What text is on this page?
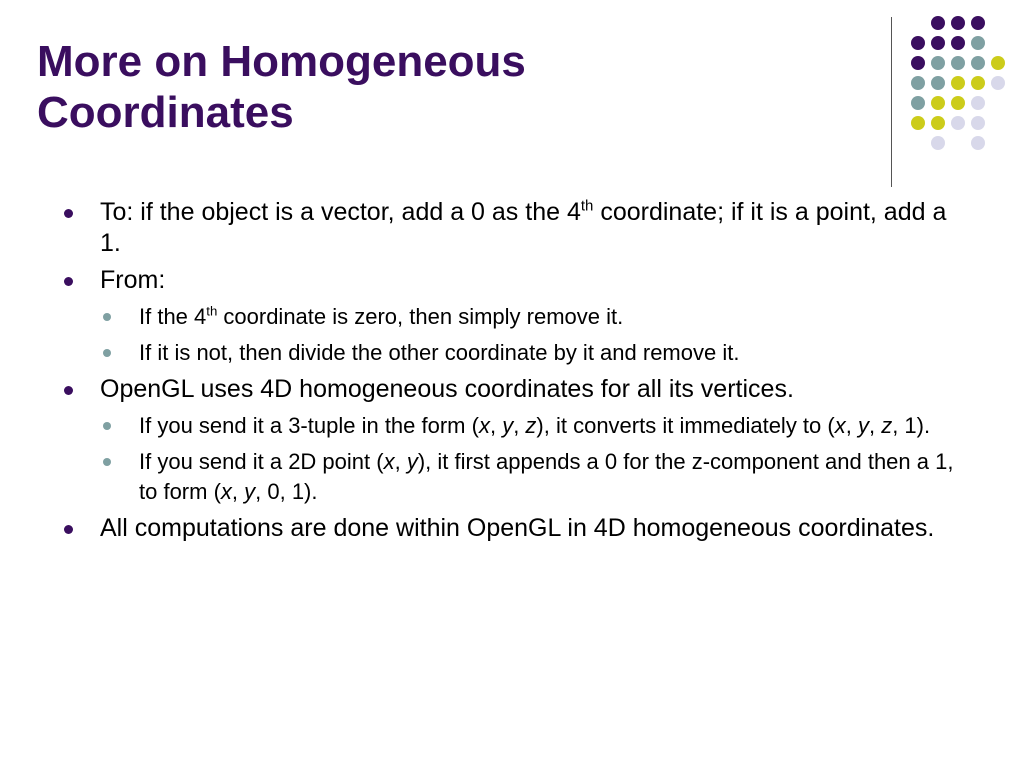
More on Homogeneous
Coordinates
To: if the object is a vector, add a 0 as the 4th coordinate; if it is a point, add a 1.
From:
If the 4th coordinate is zero, then simply remove it.
If it is not, then divide the other coordinate by it and remove it.
OpenGL uses 4D homogeneous coordinates for all its vertices.
If you send it a 3-tuple in the form (x, y, z), it converts it immediately to (x, y, z, 1).
If you send it a 2D point (x, y), it first appends a 0 for the z-component and then a 1, to form (x, y, 0, 1).
All computations are done within OpenGL in 4D homogeneous coordinates.
